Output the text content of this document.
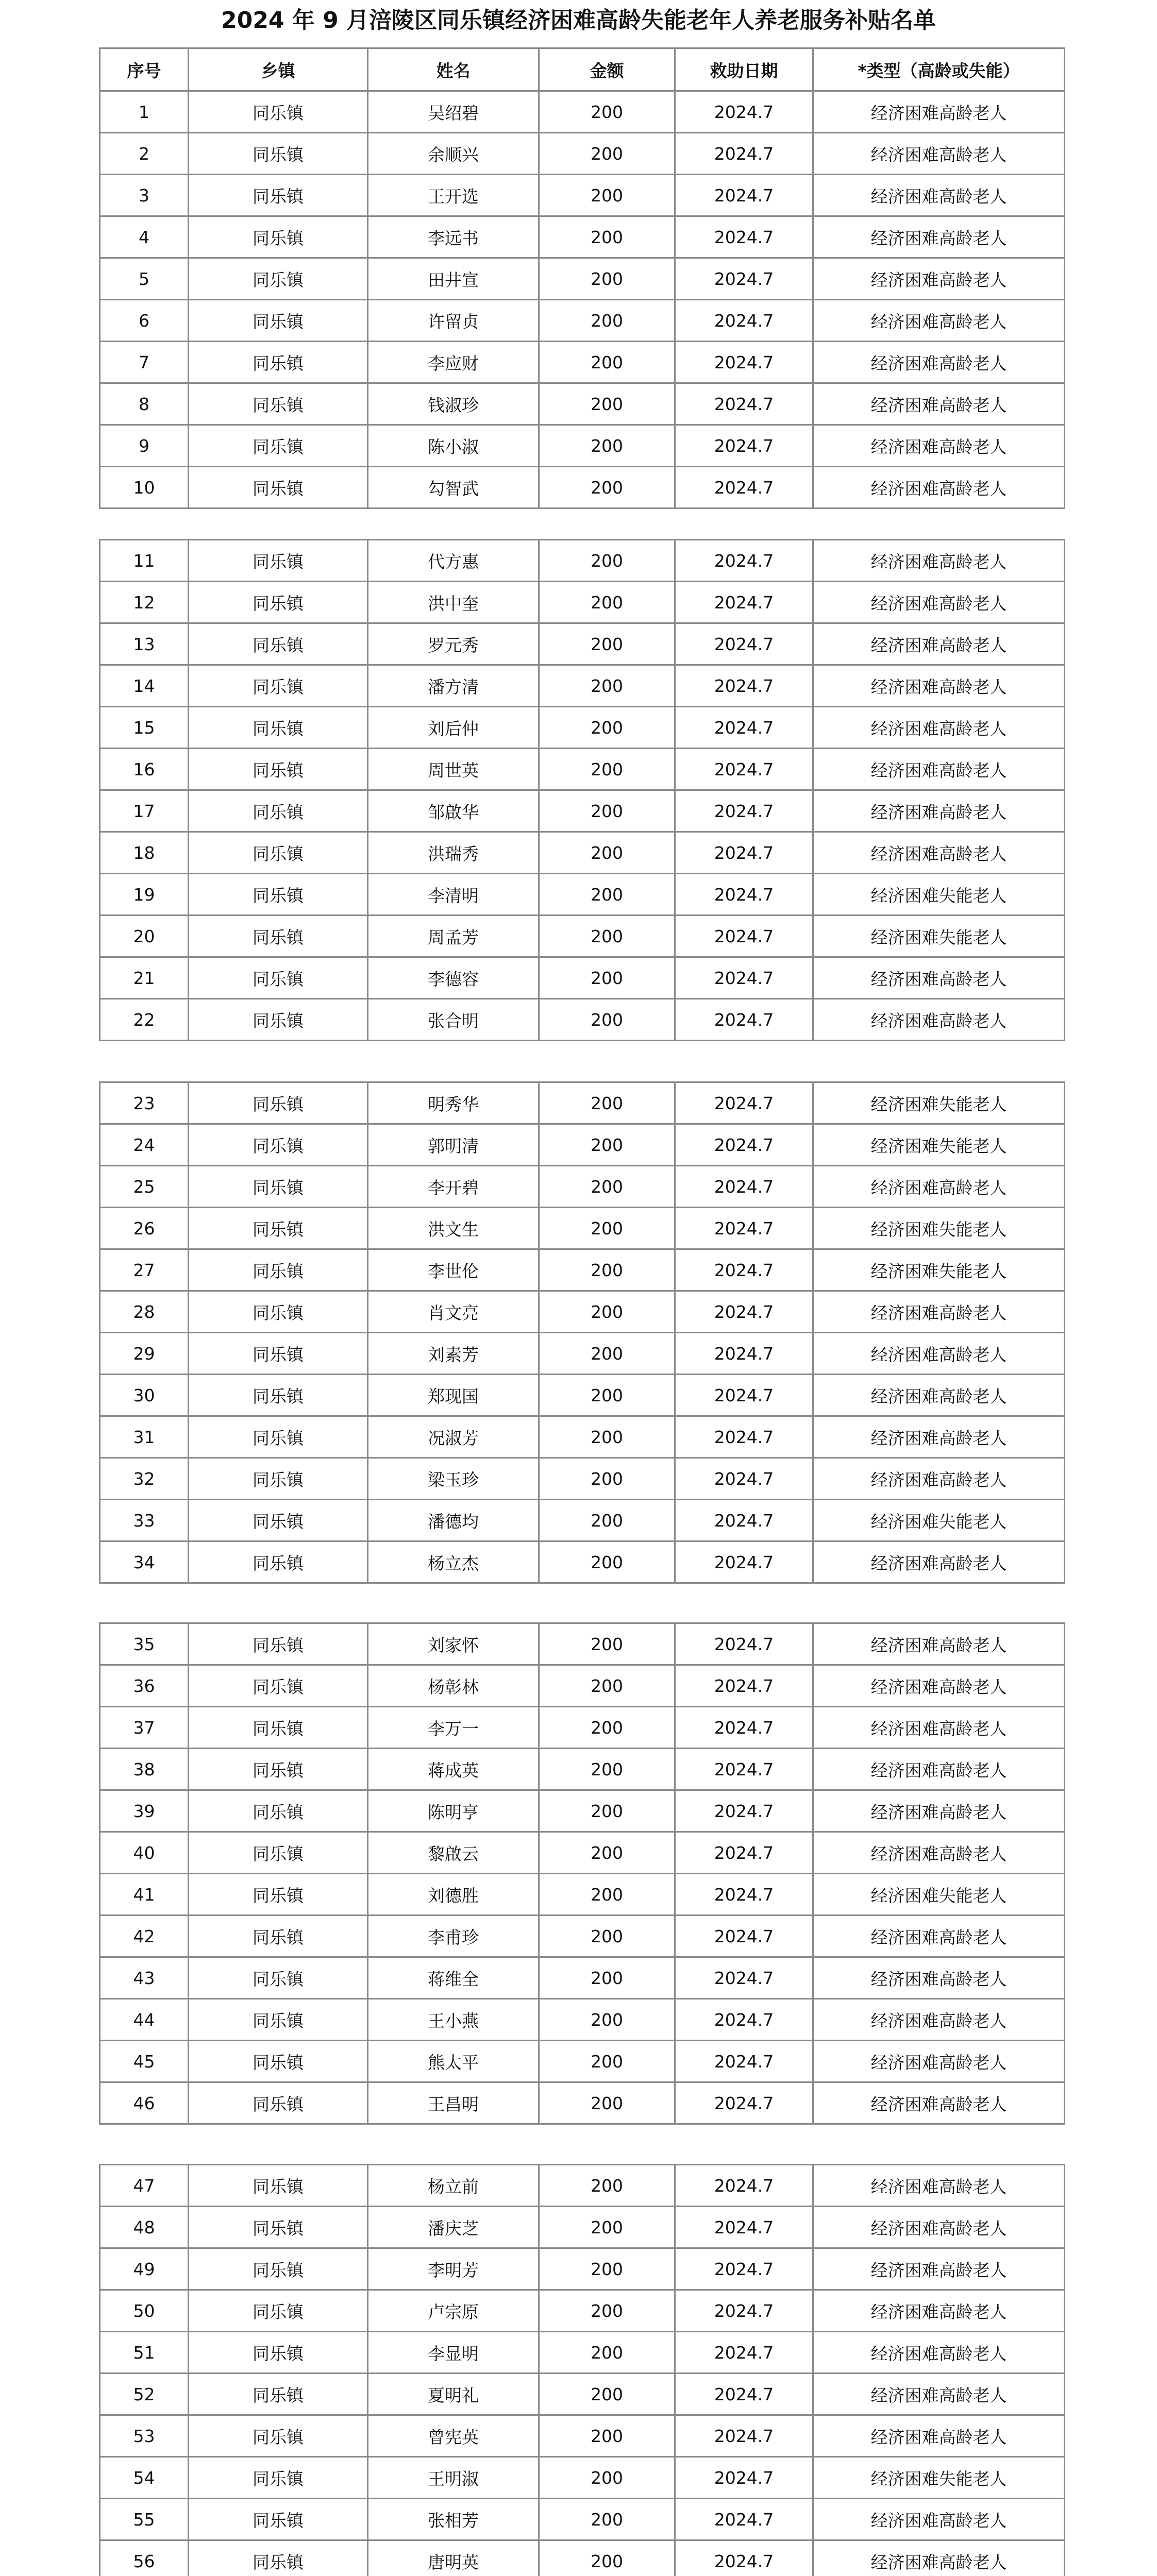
2024 年 9 月涪陵区同乐镇经济困难高龄失能老年人养老服务补贴名单
序号	乡镇	姓名	金额	救助日期	*类型（高龄或失能）
1	同乐镇	吴绍碧	200	2024.7	经济困难高龄老人
2	同乐镇	余顺兴	200	2024.7	经济困难高龄老人
3	同乐镇	王开选	200	2024.7	经济困难高龄老人
4	同乐镇	李远书	200	2024.7	经济困难高龄老人
5	同乐镇	田井宣	200	2024.7	经济困难高龄老人
6	同乐镇	许留贞	200	2024.7	经济困难高龄老人
7	同乐镇	李应财	200	2024.7	经济困难高龄老人
8	同乐镇	钱淑珍	200	2024.7	经济困难高龄老人
9	同乐镇	陈小淑	200	2024.7	经济困难高龄老人
10	同乐镇	勾智武	200	2024.7	经济困难高龄老人
11	同乐镇	代方惠	200	2024.7	经济困难高龄老人
12	同乐镇	洪中奎	200	2024.7	经济困难高龄老人
13	同乐镇	罗元秀	200	2024.7	经济困难高龄老人
14	同乐镇	潘方清	200	2024.7	经济困难高龄老人
15	同乐镇	刘后仲	200	2024.7	经济困难高龄老人
16	同乐镇	周世英	200	2024.7	经济困难高龄老人
17	同乐镇	邹啟华	200	2024.7	经济困难高龄老人
18	同乐镇	洪瑞秀	200	2024.7	经济困难高龄老人
19	同乐镇	李清明	200	2024.7	经济困难失能老人
20	同乐镇	周孟芳	200	2024.7	经济困难失能老人
21	同乐镇	李德容	200	2024.7	经济困难高龄老人
22	同乐镇	张合明	200	2024.7	经济困难高龄老人
23	同乐镇	明秀华	200	2024.7	经济困难失能老人
24	同乐镇	郭明清	200	2024.7	经济困难失能老人
25	同乐镇	李开碧	200	2024.7	经济困难高龄老人
26	同乐镇	洪文生	200	2024.7	经济困难失能老人
27	同乐镇	李世伦	200	2024.7	经济困难失能老人
28	同乐镇	肖文亮	200	2024.7	经济困难高龄老人
29	同乐镇	刘素芳	200	2024.7	经济困难高龄老人
30	同乐镇	郑现国	200	2024.7	经济困难高龄老人
31	同乐镇	况淑芳	200	2024.7	经济困难高龄老人
32	同乐镇	梁玉珍	200	2024.7	经济困难高龄老人
33	同乐镇	潘德均	200	2024.7	经济困难失能老人
34	同乐镇	杨立杰	200	2024.7	经济困难高龄老人
35	同乐镇	刘家怀	200	2024.7	经济困难高龄老人
36	同乐镇	杨彰林	200	2024.7	经济困难高龄老人
37	同乐镇	李万一	200	2024.7	经济困难高龄老人
38	同乐镇	蒋成英	200	2024.7	经济困难高龄老人
39	同乐镇	陈明亨	200	2024.7	经济困难高龄老人
40	同乐镇	黎啟云	200	2024.7	经济困难高龄老人
41	同乐镇	刘德胜	200	2024.7	经济困难失能老人
42	同乐镇	李甫珍	200	2024.7	经济困难高龄老人
43	同乐镇	蒋维全	200	2024.7	经济困难高龄老人
44	同乐镇	王小燕	200	2024.7	经济困难高龄老人
45	同乐镇	熊太平	200	2024.7	经济困难高龄老人
46	同乐镇	王昌明	200	2024.7	经济困难高龄老人
47	同乐镇	杨立前	200	2024.7	经济困难高龄老人
48	同乐镇	潘庆芝	200	2024.7	经济困难高龄老人
49	同乐镇	李明芳	200	2024.7	经济困难高龄老人
50	同乐镇	卢宗原	200	2024.7	经济困难高龄老人
51	同乐镇	李显明	200	2024.7	经济困难高龄老人
52	同乐镇	夏明礼	200	2024.7	经济困难高龄老人
53	同乐镇	曾宪英	200	2024.7	经济困难高龄老人
54	同乐镇	王明淑	200	2024.7	经济困难失能老人
55	同乐镇	张相芳	200	2024.7	经济困难高龄老人
56	同乐镇	唐明英	200	2024.7	经济困难高龄老人
